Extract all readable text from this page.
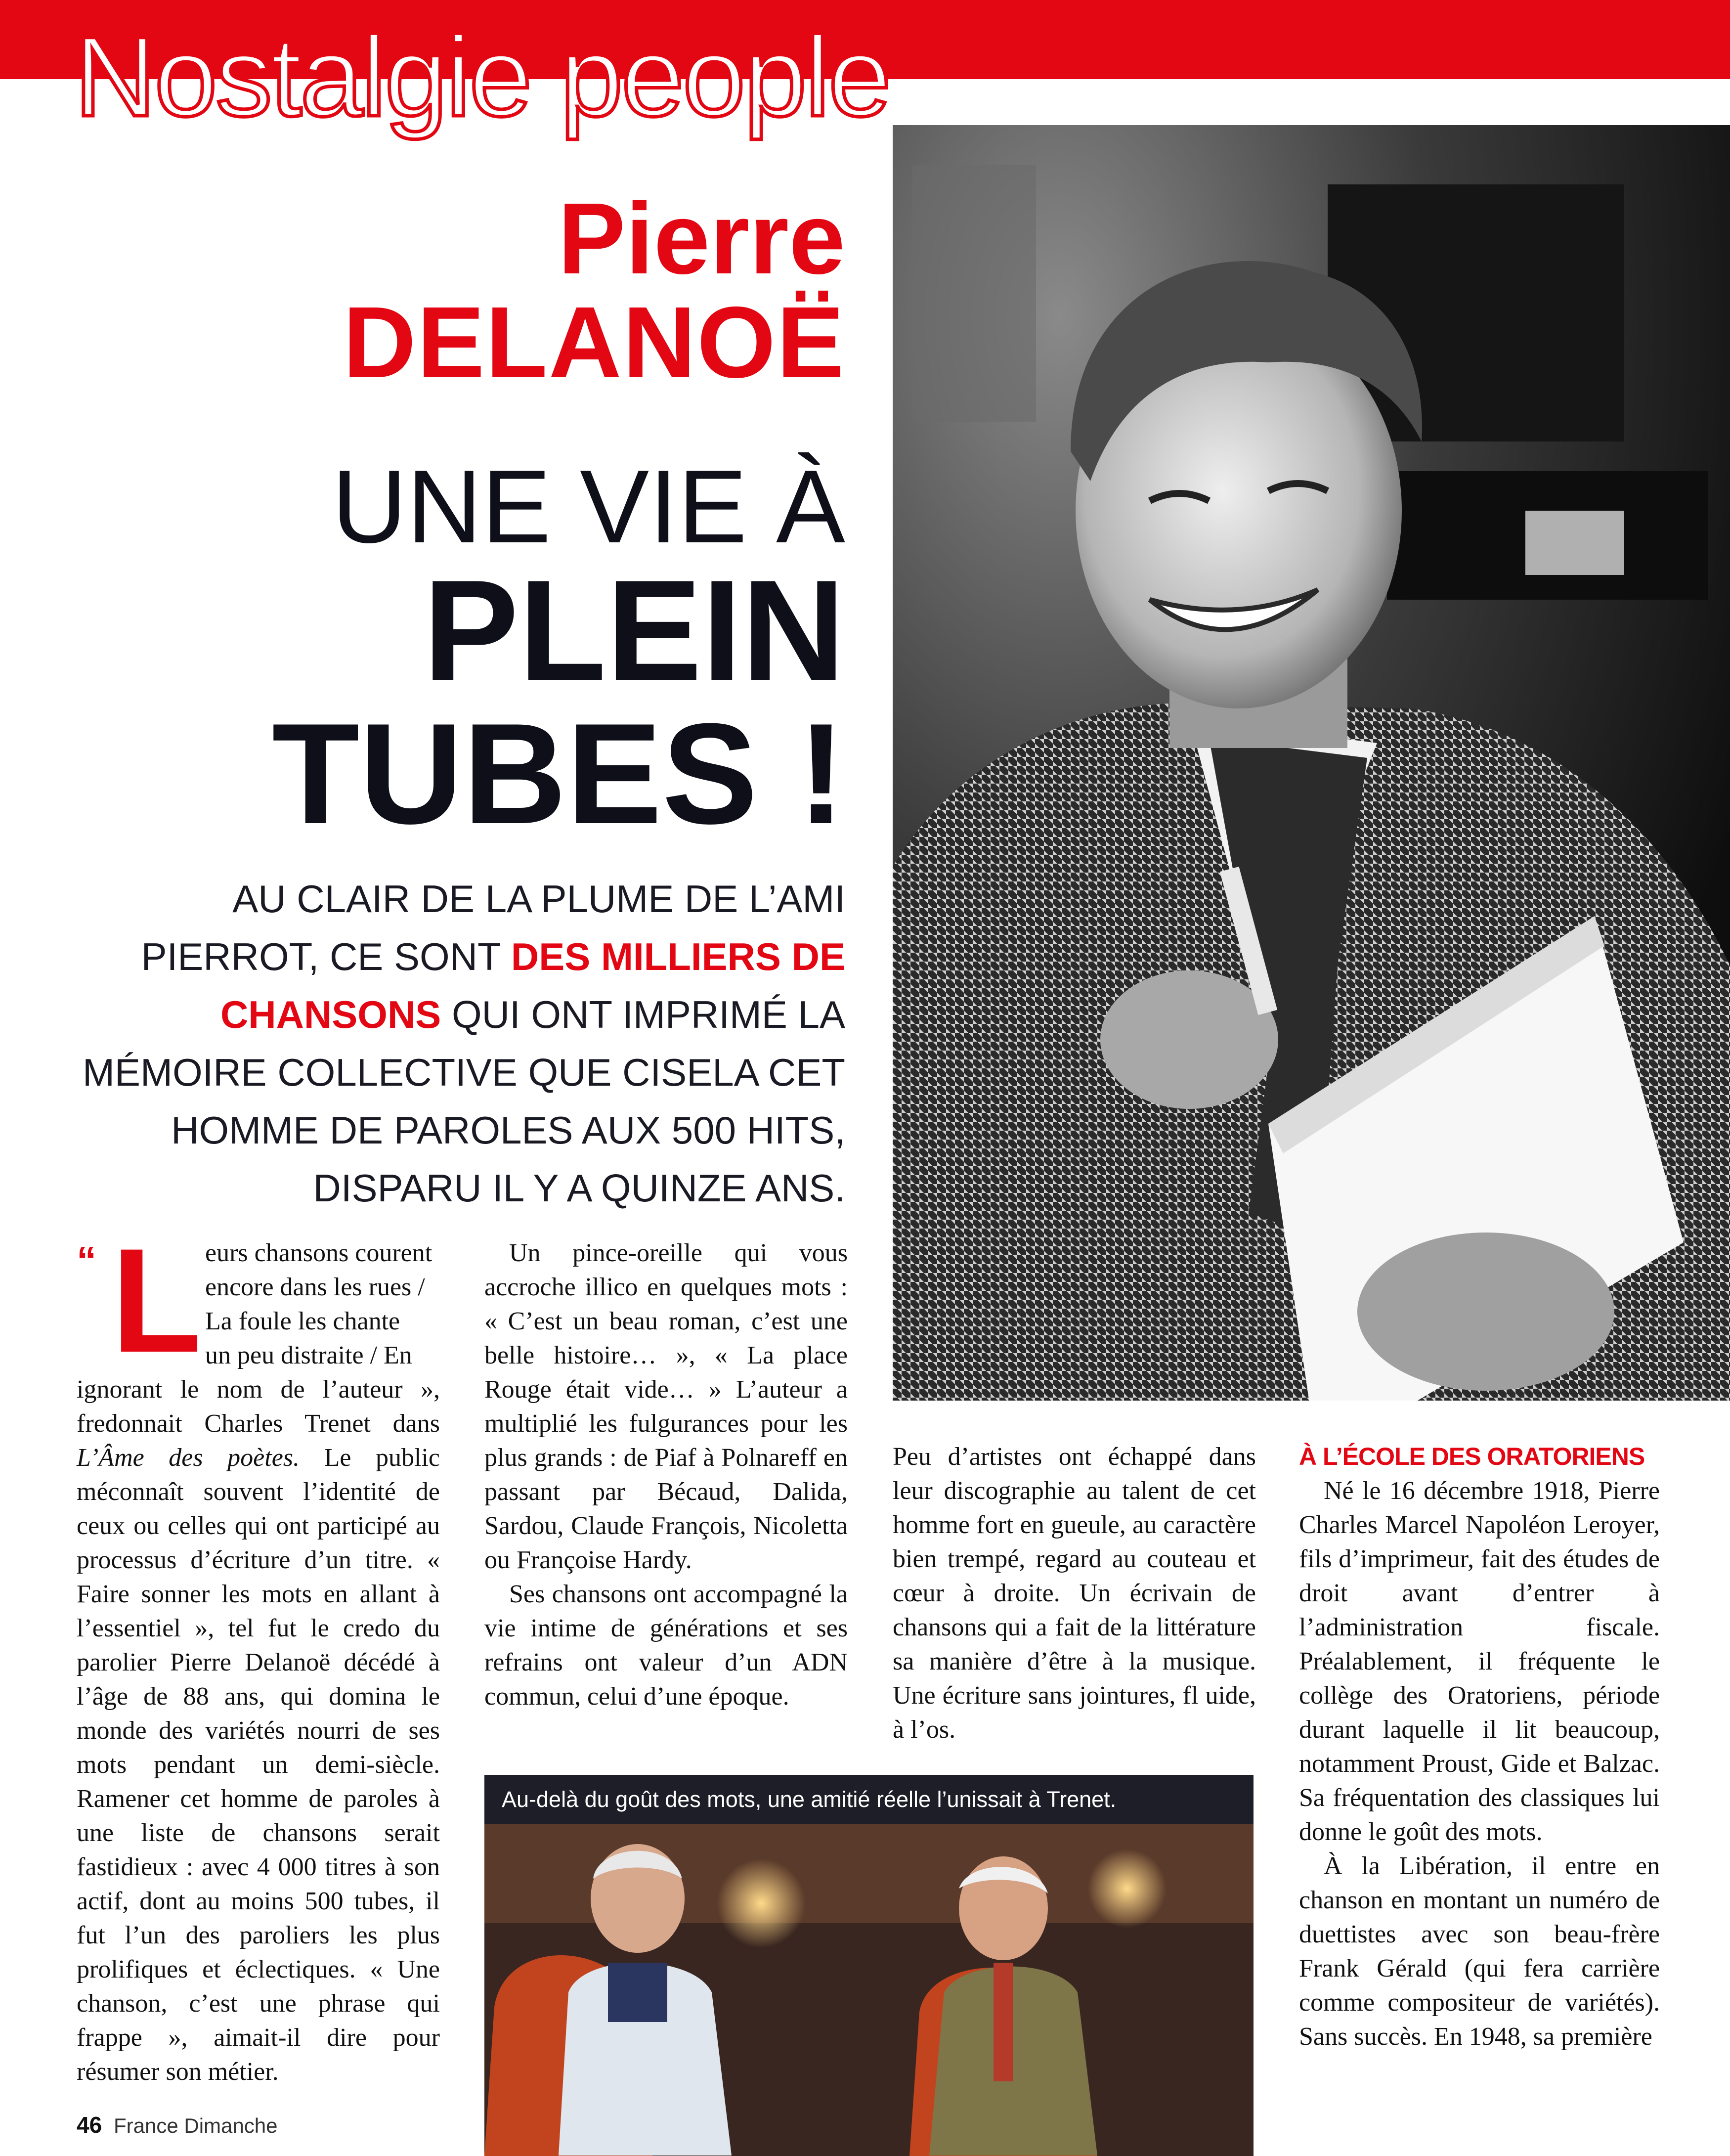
Nostalgie people
Pierre
DELANOË
UNE VIE À
PLEIN
TUBES !
AU CLAIR DE LA PLUME DE L’AMI PIERROT, CE SONT DES MILLIERS DE CHANSONS QUI ONT IMPRIMÉ LA MÉMOIRE COLLECTIVE QUE CISELA CET HOMME DE PAROLES AUX 500 HITS, DISPARU IL Y A QUINZE ANS.
“ L eurs chansons courent
encore dans les rues /
La foule les chante
un peu distraite / En

ignorant le nom de l’auteur », fredonnait Charles Trenet dans L’Âme des poètes. Le public méconnaît souvent l’identité de ceux ou celles qui ont participé au processus d’écriture d’un titre. « Faire sonner les mots en allant à l’essentiel », tel fut le credo du parolier Pierre Delanoë décédé à l’âge de 88 ans, qui domina le monde des variétés nourri de ses mots pendant un demi-siècle. Ramener cet homme de paroles à une liste de chansons serait fastidieux : avec 4 000 titres à son actif, dont au moins 500 tubes, il fut l’un des paroliers les plus prolifiques et éclectiques. « Une chanson, c’est une phrase qui frappe », aimait-il dire pour résumer son métier.

Un pince-oreille qui vous accroche illico en quelques mots : « C’est un beau roman, c’est une belle histoire… », « La place Rouge était vide… » L’auteur a multiplié les fulgurances pour les plus grands : de Piaf à Polnareff en passant par Bécaud, Dalida, Sardou, Claude François, Nicoletta ou Françoise Hardy.

Ses chansons ont accompagné la vie intime de générations et ses refrains ont valeur d’un ADN commun, celui d’une époque.

Peu d’artistes ont échappé dans leur discographie au talent de cet homme fort en gueule, au caractère bien trempé, regard au couteau et cœur à droite. Un écrivain de chansons qui a fait de la littérature sa manière d’être à la musique. Une écriture sans jointures, fl uide, à l’os.

À L’ÉCOLE DES ORATORIENS

Né le 16 décembre 1918, Pierre Charles Marcel Napoléon Leroyer, fils d’imprimeur, fait des études de droit avant d’entrer à l’administration fiscale. Préalablement, il fréquente le collège des Oratoriens, période durant laquelle il lit beaucoup, notamment Proust, Gide et Balzac. Sa fréquentation des classiques lui donne le goût des mots.

À la Libération, il entre en chanson en montant un numéro de duettistes avec son beau-frère Frank Gérald (qui fera carrière comme compositeur de variétés). Sans succès. En 1948, sa première

Au-delà du goût des mots, une amitié réelle l’unissait à Trenet.
46 France Dimanche
